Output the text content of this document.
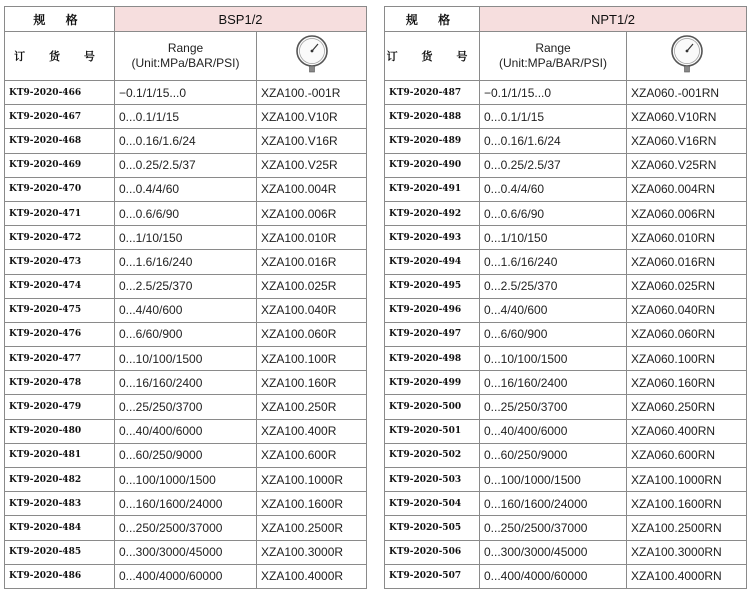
规 格	BSP1/2	
订 货 号	Range
(Unit:MPa/BAR/PSI)

KT9-2020-466	−0.1/1/15...0	XZA100.-001R
KT9-2020-467	0...0.1/1/15	XZA100.V10R
KT9-2020-468	0...0.16/1.6/24	XZA100.V16R
KT9-2020-469	0...0.25/2.5/37	XZA100.V25R
KT9-2020-470	0...0.4/4/60	XZA100.004R
KT9-2020-471	0...0.6/6/90	XZA100.006R
KT9-2020-472	0...1/10/150	XZA100.010R
KT9-2020-473	0...1.6/16/240	XZA100.016R
KT9-2020-474	0...2.5/25/370	XZA100.025R
KT9-2020-475	0...4/40/600	XZA100.040R
KT9-2020-476	0...6/60/900	XZA100.060R
KT9-2020-477	0...10/100/1500	XZA100.100R
KT9-2020-478	0...16/160/2400	XZA100.160R
KT9-2020-479	0...25/250/3700	XZA100.250R
KT9-2020-480	0...40/400/6000	XZA100.400R
KT9-2020-481	0...60/250/9000	XZA100.600R
KT9-2020-482	0...100/1000/1500	XZA100.1000R
KT9-2020-483	0...160/1600/24000	XZA100.1600R
KT9-2020-484	0...250/2500/37000	XZA100.2500R
KT9-2020-485	0...300/3000/45000	XZA100.3000R
KT9-2020-486	0...400/4000/60000	XZA100.4000R
规 格	NPT1/2	
订 货 号	Range
(Unit:MPa/BAR/PSI)

KT9-2020-487	−0.1/1/15...0	XZA060.-001RN
KT9-2020-488	0...0.1/1/15	XZA060.V10RN
KT9-2020-489	0...0.16/1.6/24	XZA060.V16RN
KT9-2020-490	0...0.25/2.5/37	XZA060.V25RN
KT9-2020-491	0...0.4/4/60	XZA060.004RN
KT9-2020-492	0...0.6/6/90	XZA060.006RN
KT9-2020-493	0...1/10/150	XZA060.010RN
KT9-2020-494	0...1.6/16/240	XZA060.016RN
KT9-2020-495	0...2.5/25/370	XZA060.025RN
KT9-2020-496	0...4/40/600	XZA060.040RN
KT9-2020-497	0...6/60/900	XZA060.060RN
KT9-2020-498	0...10/100/1500	XZA060.100RN
KT9-2020-499	0...16/160/2400	XZA060.160RN
KT9-2020-500	0...25/250/3700	XZA060.250RN
KT9-2020-501	0...40/400/6000	XZA060.400RN
KT9-2020-502	0...60/250/9000	XZA060.600RN
KT9-2020-503	0...100/1000/1500	XZA100.1000RN
KT9-2020-504	0...160/1600/24000	XZA100.1600RN
KT9-2020-505	0...250/2500/37000	XZA100.2500RN
KT9-2020-506	0...300/3000/45000	XZA100.3000RN
KT9-2020-507	0...400/4000/60000	XZA100.4000RN
